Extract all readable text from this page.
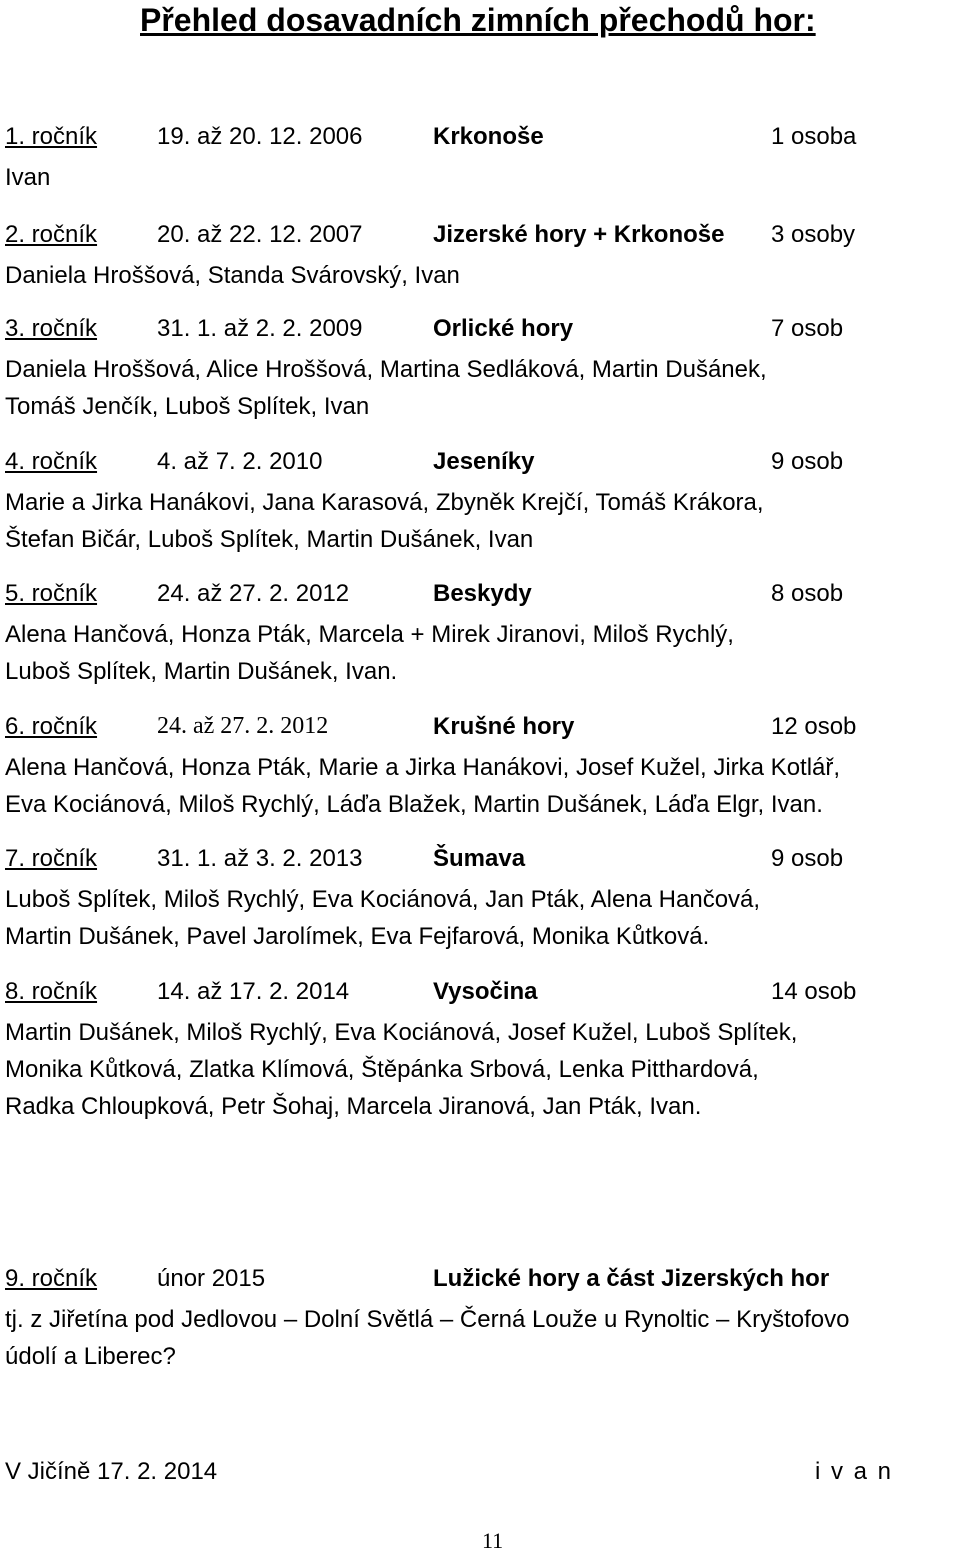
Přehled dosavadních zimních přechodů hor:
1. ročník 19. až 20. 12. 2006	Krkonoše	1 osoba
Ivan
2. ročník 20. až 22. 12. 2007	Jizerské hory + Krkonoše 3 osoby
Daniela Hroššová, Standa Svárovský, Ivan
3. ročník 31. 1. až 2. 2. 2009	Orlické hory	7 osob
Daniela Hroššová, Alice Hroššová, Martina Sedláková, Martin Dušánek,
Tomáš Jenčík, Luboš Splítek, Ivan
4. ročník 4. až 7. 2. 2010	Jeseníky	9 osob
Marie a Jirka Hanákovi, Jana Karasová, Zbyněk Krejčí, Tomáš Krákora,
Štefan Bičár, Luboš Splítek, Martin Dušánek, Ivan
5. ročník 24. až 27. 2. 2012	Beskydy	8 osob
Alena Hančová, Honza Pták, Marcela + Mirek Jiranovi, Miloš Rychlý,
Luboš Splítek, Martin Dušánek, Ivan.
6. ročník 24. až 27. 2. 2012	Krušné hory	12 osob
Alena Hančová, Honza Pták, Marie a Jirka Hanákovi, Josef Kužel, Jirka Kotlář,
Eva Kociánová, Miloš Rychlý, Láďa Blažek, Martin Dušánek, Láďa Elgr, Ivan.
7. ročník 31. 1. až 3. 2. 2013	Šumava	9 osob
Luboš Splítek, Miloš Rychlý, Eva Kociánová, Jan Pták, Alena Hančová,
Martin Dušánek, Pavel Jarolímek, Eva Fejfarová, Monika Kůtková.
8. ročník 14. až 17. 2. 2014	Vysočina	14 osob
Martin Dušánek, Miloš Rychlý, Eva Kociánová, Josef Kužel, Luboš Splítek,
Monika Kůtková, Zlatka Klímová, Štěpánka Srbová, Lenka Pitthardová,
Radka Chloupková, Petr Šohaj, Marcela Jiranová, Jan Pták, Ivan.
9. ročník únor 2015	Lužické hory a část Jizerských hor
tj. z Jiřetína pod Jedlovou – Dolní Světlá – Černá Louže u Rynoltic – Kryštofovo
údolí a Liberec?
V Jičíně 17. 2. 2014	i v a n
11
